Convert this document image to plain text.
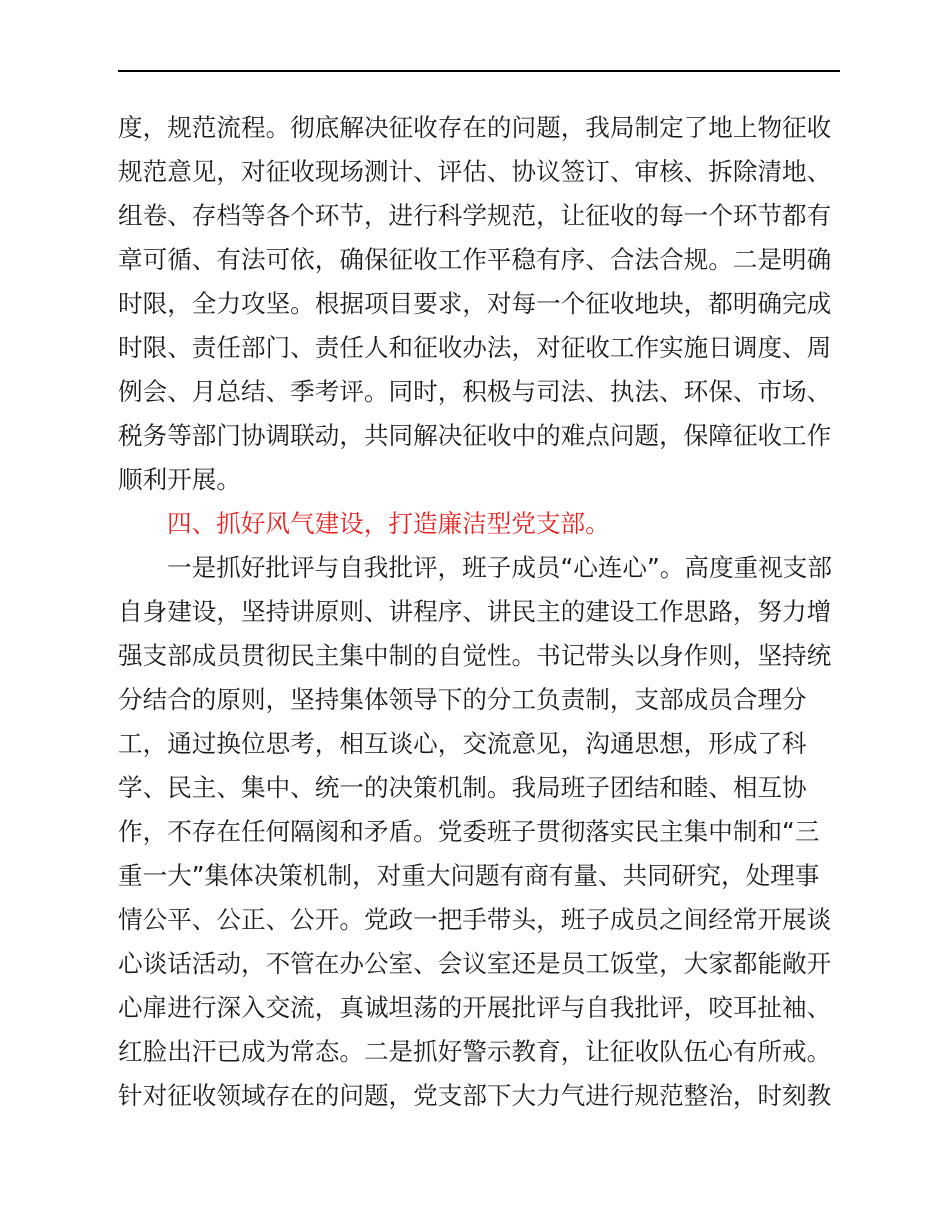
度，规范流程。彻底解决征收存在的问题，我局制定了地上物征收
规范意见，对征收现场测计、评估、协议签订、审核、拆除清地、
组卷、存档等各个环节，进行科学规范，让征收的每一个环节都有
章可循、有法可依，确保征收工作平稳有序、合法合规。二是明确
时限，全力攻坚。根据项目要求，对每一个征收地块，都明确完成
时限、责任部门、责任人和征收办法，对征收工作实施日调度、周
例会、月总结、季考评。同时，积极与司法、执法、环保、市场、
税务等部门协调联动，共同解决征收中的难点问题，保障征收工作
顺利开展。
四、抓好风气建设，打造廉洁型党支部。
一是抓好批评与自我批评，班子成员“心连心”。高度重视支部
自身建设，坚持讲原则、讲程序、讲民主的建设工作思路，努力增
强支部成员贯彻民主集中制的自觉性。书记带头以身作则，坚持统
分结合的原则，坚持集体领导下的分工负责制，支部成员合理分
工，通过换位思考，相互谈心，交流意见，沟通思想，形成了科
学、民主、集中、统一的决策机制。我局班子团结和睦、相互协
作，不存在任何隔阂和矛盾。党委班子贯彻落实民主集中制和“三
重一大”集体决策机制，对重大问题有商有量、共同研究，处理事
情公平、公正、公开。党政一把手带头，班子成员之间经常开展谈
心谈话活动，不管在办公室、会议室还是员工饭堂，大家都能敞开
心扉进行深入交流，真诚坦荡的开展批评与自我批评，咬耳扯袖、
红脸出汗已成为常态。二是抓好警示教育，让征收队伍心有所戒。
针对征收领域存在的问题，党支部下大力气进行规范整治，时刻教
